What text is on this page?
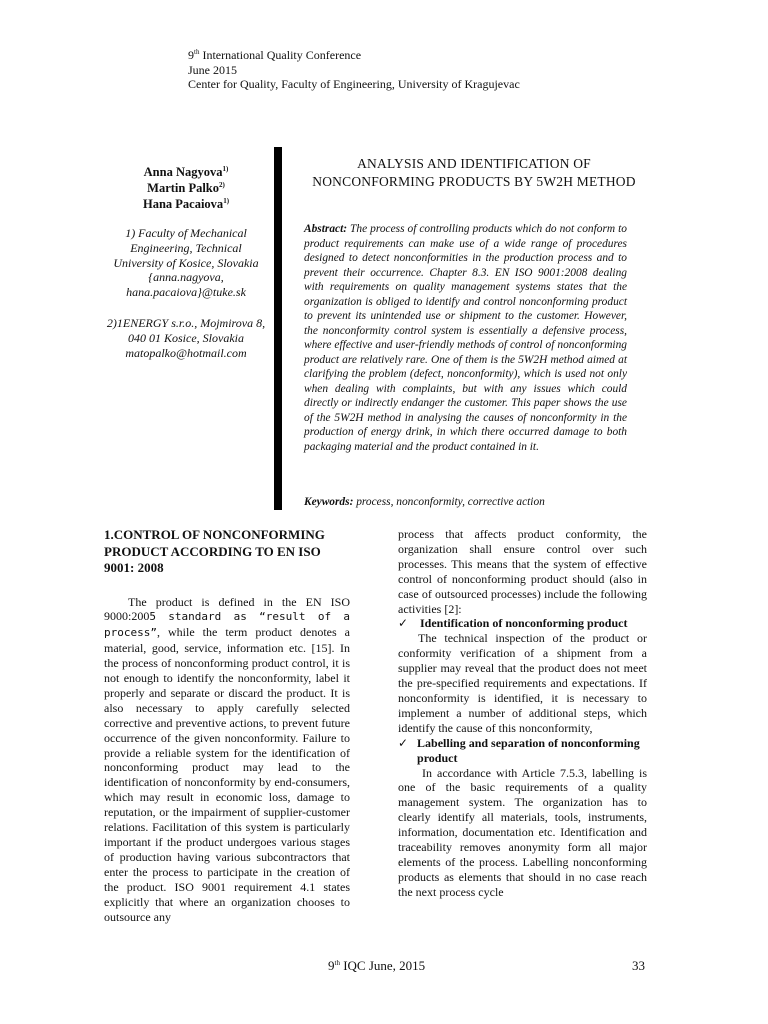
9th International Quality Conference
June 2015
Center for Quality, Faculty of Engineering, University of Kragujevac
Anna Nagyova$^{1)}$
Martin Palko$^{2)}$
Hana Pacaiova$^{1)}$
1) Faculty of Mechanical Engineering, Technical University of Kosice, Slovakia {anna.nagyova, hana.pacaiova}@tuke.sk
2)1ENERGY s.r.o., Mojmirova 8, 040 01 Kosice, Slovakia matopalko@hotmail.com
ANALYSIS AND IDENTIFICATION OF NONCONFORMING PRODUCTS BY 5W2H METHOD
Abstract: The process of controlling products which do not conform to product requirements can make use of a wide range of procedures designed to detect nonconformities in the production process and to prevent their occurrence. Chapter 8.3. EN ISO 9001:2008 dealing with requirements on quality management systems states that the organization is obliged to identify and control nonconforming product to prevent its unintended use or shipment to the customer. However, the nonconformity control system is essentially a defensive process, where effective and user-friendly methods of control of nonconforming product are relatively rare. One of them is the 5W2H method aimed at clarifying the problem (defect, nonconformity), which is used not only when dealing with complaints, but with any issues which could directly or indirectly endanger the customer. This paper shows the use of the 5W2H method in analysing the causes of nonconformity in the production of energy drink, in which there occurred damage to both packaging material and the product contained in it.
Keywords: process, nonconformity, corrective action
1.CONTROL OF NONCONFORMING PRODUCT ACCORDING TO EN ISO 9001: 2008

The product is defined in the EN ISO 9000:2005 standard as “result of a process”, while the term product denotes a material, good, service, information etc. [15]. In the process of nonconforming product control, it is not enough to identify the nonconformity, label it properly and separate or discard the product. It is also necessary to apply carefully selected corrective and preventive actions, to prevent future occurrence of the given nonconformity. Failure to provide a reliable system for the identification of nonconforming product may lead to the identification of nonconformity by end-consumers, which may result in economic loss, damage to reputation, or the impairment of supplier-customer relations. Facilitation of this system is particularly important if the product undergoes various stages of production having various subcontractors that enter the process to participate in the creation of the product. ISO 9001 requirement 4.1 states explicitly that where an organization chooses to outsource any

process that affects product conformity, the organization shall ensure control over such processes. This means that the system of effective control of nonconforming product should (also in case of outsourced processes) include the following activities [2]:

✓ Identification of nonconforming product

The technical inspection of the product or conformity verification of a shipment from a supplier may reveal that the product does not meet the pre-specified requirements and expectations. If nonconformity is identified, it is necessary to implement a number of additional steps, which identify the cause of this nonconformity,

✓ Labelling and separation of nonconforming product

In accordance with Article 7.5.3, labelling is one of the basic requirements of a quality management system. The organization has to clearly identify all materials, tools, instruments, information, documentation etc. Identification and traceability removes anonymity form all major elements of the process. Labelling nonconforming products as elements that should in no case reach the next process cycle

9th IQC June, 2015	33
